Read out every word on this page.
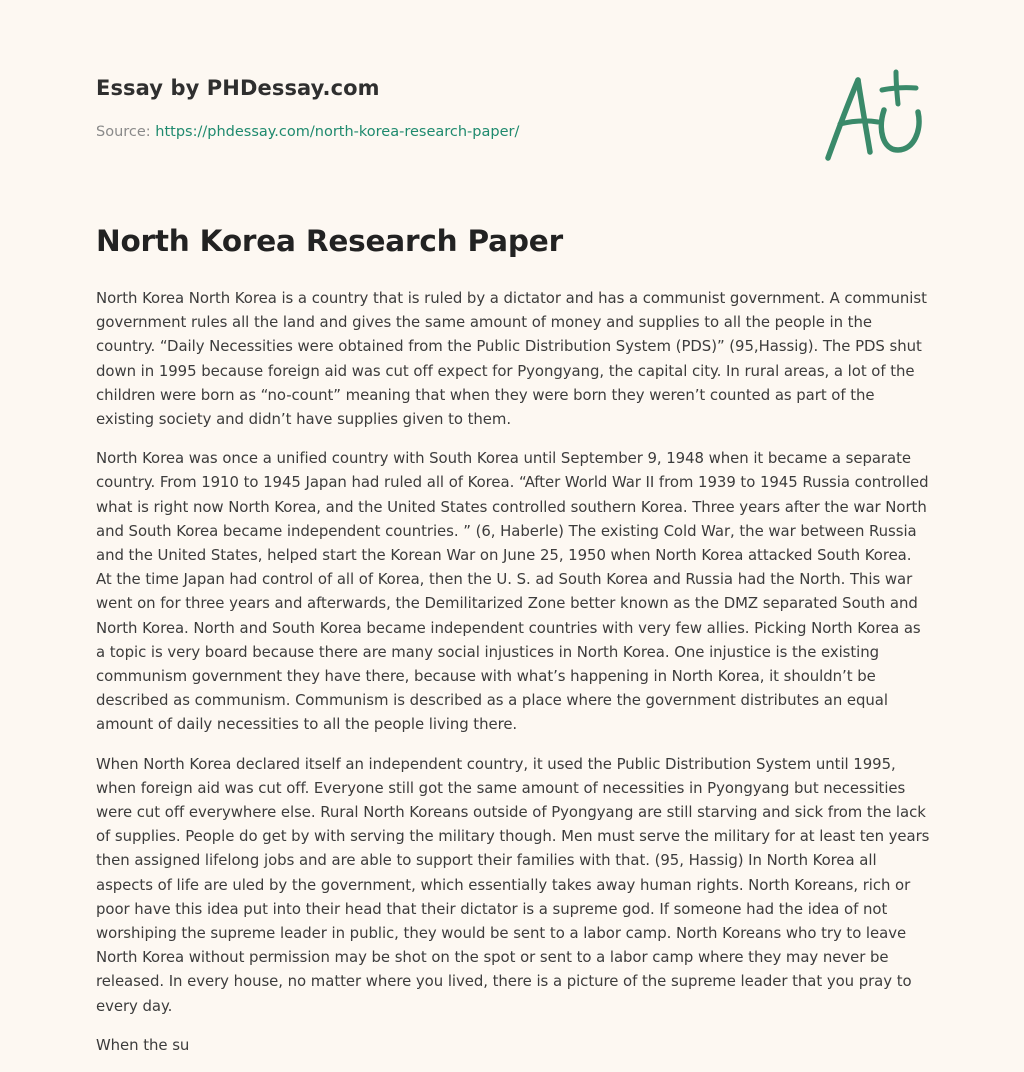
Essay by PHDessay.com
Source: https://phdessay.com/north-korea-research-paper/
North Korea Research Paper

North Korea North Korea is a country that is ruled by a dictator and has a communist government. A communist government rules all the land and gives the same amount of money and supplies to all the people in the country. “Daily Necessities were obtained from the Public Distribution System (PDS)” (95,Hassig). The PDS shut down in 1995 because foreign aid was cut off expect for Pyongyang, the capital city. In rural areas, a lot of the children were born as “no-count” meaning that when they were born they weren’t counted as part of the existing society and didn’t have supplies given to them.

North Korea was once a unified country with South Korea until September 9, 1948 when it became a separate country. From 1910 to 1945 Japan had ruled all of Korea. “After World War II from 1939 to 1945 Russia controlled what is right now North Korea, and the United States controlled southern Korea. Three years after the war North and South Korea became independent countries. ” (6, Haberle) The existing Cold War, the war between Russia and the United States, helped start the Korean War on June 25, 1950 when North Korea attacked South Korea. At the time Japan had control of all of Korea, then the U. S. ad South Korea and Russia had the North. This war went on for three years and afterwards, the Demilitarized Zone better known as the DMZ separated South and North Korea. North and South Korea became independent countries with very few allies. Picking North Korea as a topic is very board because there are many social injustices in North Korea. One injustice is the existing communism government they have there, because with what’s happening in North Korea, it shouldn’t be described as communism. Communism is described as a place where the government distributes an equal amount of daily necessities to all the people living there.

When North Korea declared itself an independent country, it used the Public Distribution System until 1995, when foreign aid was cut off. Everyone still got the same amount of necessities in Pyongyang but necessities were cut off everywhere else. Rural North Koreans outside of Pyongyang are still starving and sick from the lack of supplies. People do get by with serving the military though. Men must serve the military for at least ten years then assigned lifelong jobs and are able to support their families with that. (95, Hassig) In North Korea all aspects of life are uled by the government, which essentially takes away human rights. North Koreans, rich or poor have this idea put into their head that their dictator is a supreme god. If someone had the idea of not worshiping the supreme leader in public, they would be sent to a labor camp. North Koreans who try to leave North Korea without permission may be shot on the spot or sent to a labor camp where they may never be released. In every house, no matter where you lived, there is a picture of the supreme leader that you pray to every day.

When the su
